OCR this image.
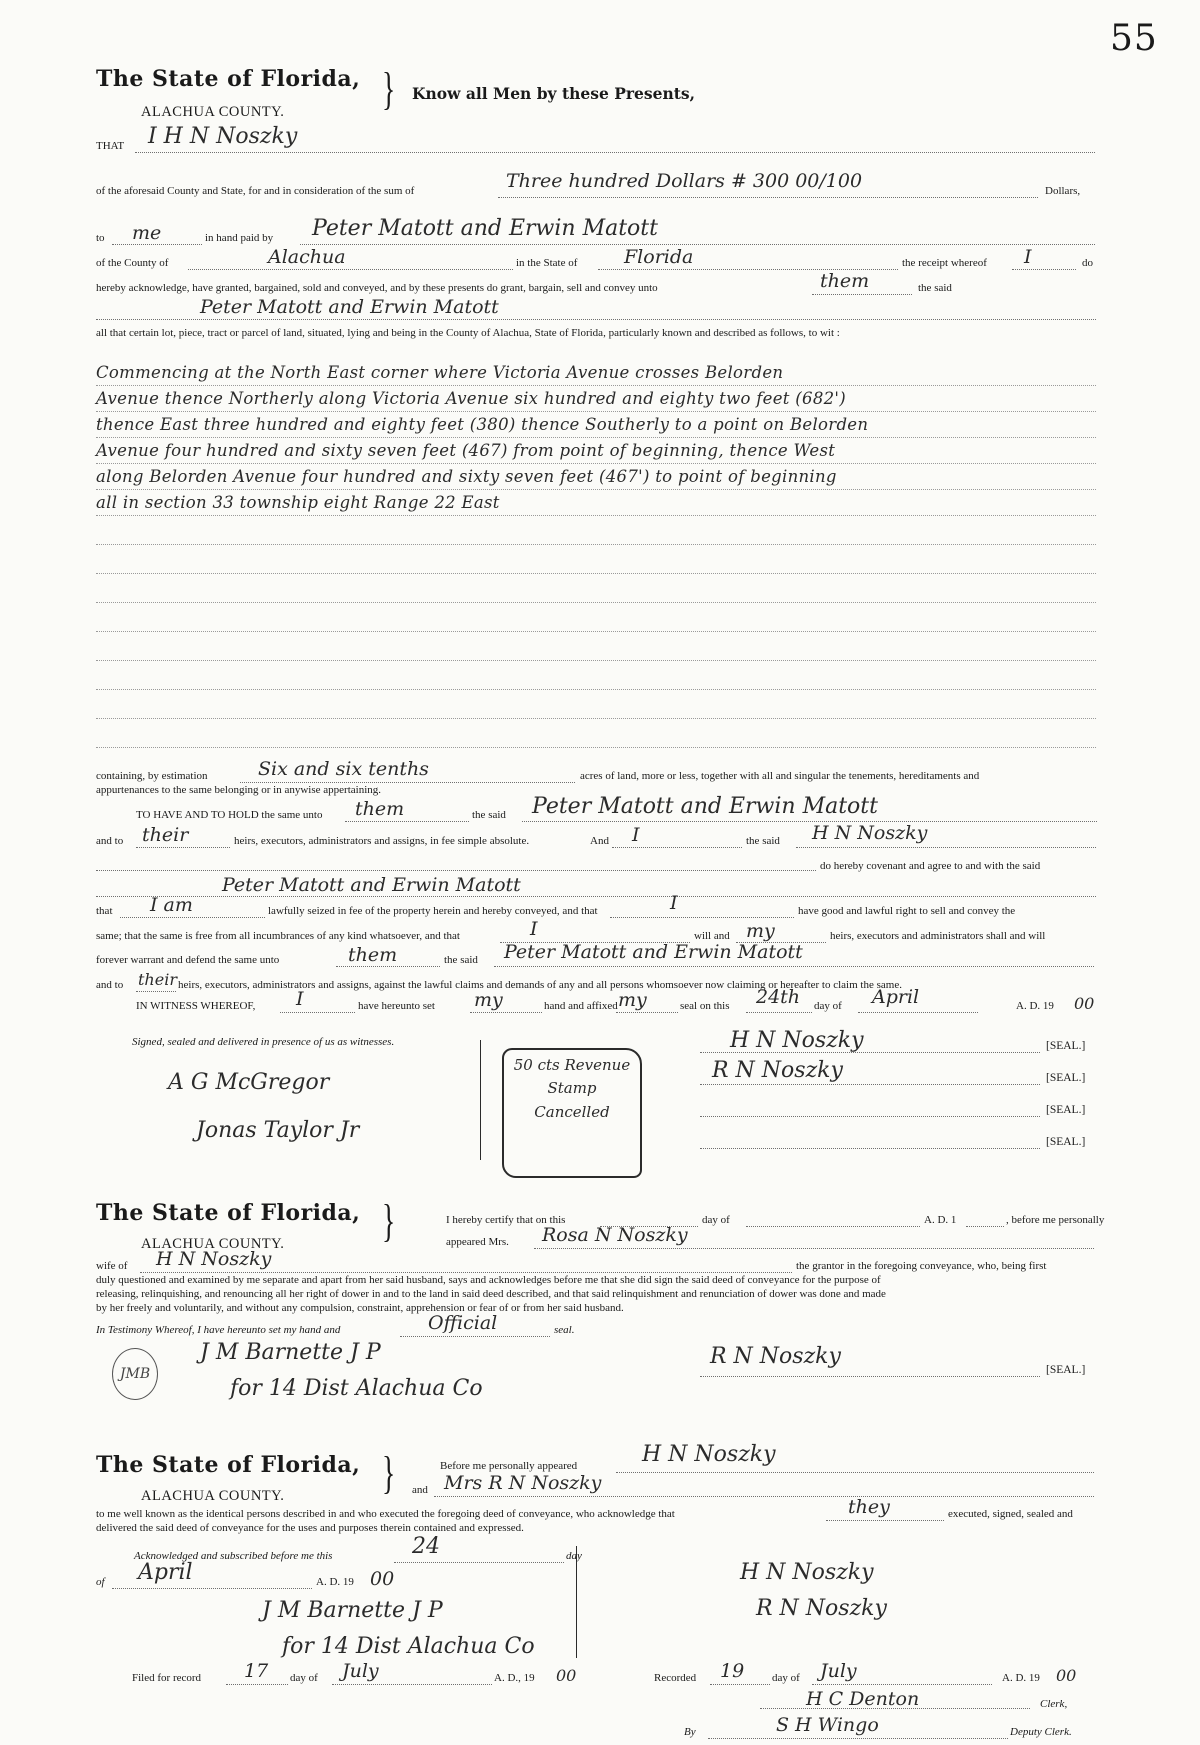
55
The State of Florida,
ALACHUA COUNTY. } Know all Men by these Presents,
THAT I H N Noszky
of the aforesaid County and State, for and in consideration of the sum of	Three hundred Dollars # 300 00/100	Dollars,
to me	in hand paid by Peter Matott and Erwin Matott
of the County of	Alachua	in the State of Florida	the receipt whereof I	do
hereby acknowledge, have granted, bargained, sold and conveyed, and by these presents do grant, bargain, sell and convey unto	them	the said
Peter Matott and Erwin Matott
all that certain lot, piece, tract or parcel of land, situated, lying and being in the County of Alachua, State of Florida, particularly known and described as follows, to wit :
Commencing at the North East corner where Victoria Avenue crosses Belorden
Avenue thence Northerly along Victoria Avenue six hundred and eighty two feet (682')
thence East three hundred and eighty feet (380) thence Southerly to a point on Belorden
Avenue four hundred and sixty seven feet (467) from point of beginning, thence West
along Belorden Avenue four hundred and sixty seven feet (467') to point of beginning
all in section 33 township eight Range 22 East
containing, by estimation	Six and six tenths	acres of land, more or less, together with all and singular the tenements, hereditaments and
appurtenances to the same belonging or in anywise appertaining.
TO HAVE AND TO HOLD the same unto them	the said Peter Matott and Erwin Matott
and to their	heirs, executors, administrators and assigns, in fee simple absolute.	And I	the said H N Noszky
do hereby covenant and agree to and with the said
Peter Matott and Erwin Matott
that I am	lawfully seized in fee of the property herein and hereby conveyed, and that	I	have good and lawful right to sell and convey the
same; that the same is free from all incumbrances of any kind whatsoever, and that	I	will and my	heirs, executors and administrators shall and will
forever warrant and defend the same unto	them	the said Peter Matott and Erwin Matott
and to their heirs, executors, administrators and assigns, against the lawful claims and demands of any and all persons whomsoever now claiming or hereafter to claim the same.
IN WITNESS WHEREOF, I	have hereunto set my	hand and affixed my	seal on this 24th day of April	A. D. 19 00
Signed, sealed and delivered in presence of us as witnesses.
A G McGregor
Jonas Taylor Jr
50 cts Revenue
Stamp
Cancelled
H N Noszky
R N Noszky
[SEAL.]
[SEAL.]
[SEAL.]
[SEAL.]
The State of Florida,
ALACHUA COUNTY. }	I hereby certify that on this	day of	A. D. 1	, before me personally
appeared Mrs. Rosa N Noszky
wife of H N Noszky	the grantor in the foregoing conveyance, who, being first
duly questioned and examined by me separate and apart from her said husband, says and acknowledges before me that she did sign the said deed of conveyance for the purpose of
releasing, relinquishing, and renouncing all her right of dower in and to the land in said deed described, and that said relinquishment and renunciation of dower was done and made
by her freely and voluntarily, and without any compulsion, constraint, apprehension or fear of or from her said husband.
In Testimony Whereof, I have hereunto set my hand and	Official	seal.
JMB
J M Barnette J P
for 14 Dist Alachua Co
R N Noszky
[SEAL.]
The State of Florida,
ALACHUA COUNTY. }	Before me personally appeared	H N Noszky
and Mrs R N Noszky
to me well known as the identical persons described in and who executed the foregoing deed of conveyance, who acknowledge that	they	executed, signed, sealed and
delivered the said deed of conveyance for the uses and purposes therein contained and expressed.
Acknowledged and subscribed before me this	24	day
of April	A. D. 19 00
J M Barnette J P
for 14 Dist Alachua Co
H N Noszky
R N Noszky
Filed for record 17 day of July	A. D., 19 00	Recorded 19	day of July	A. D. 19 00
H C Denton	Clerk,
By	S H Wingo	Deputy Clerk.
